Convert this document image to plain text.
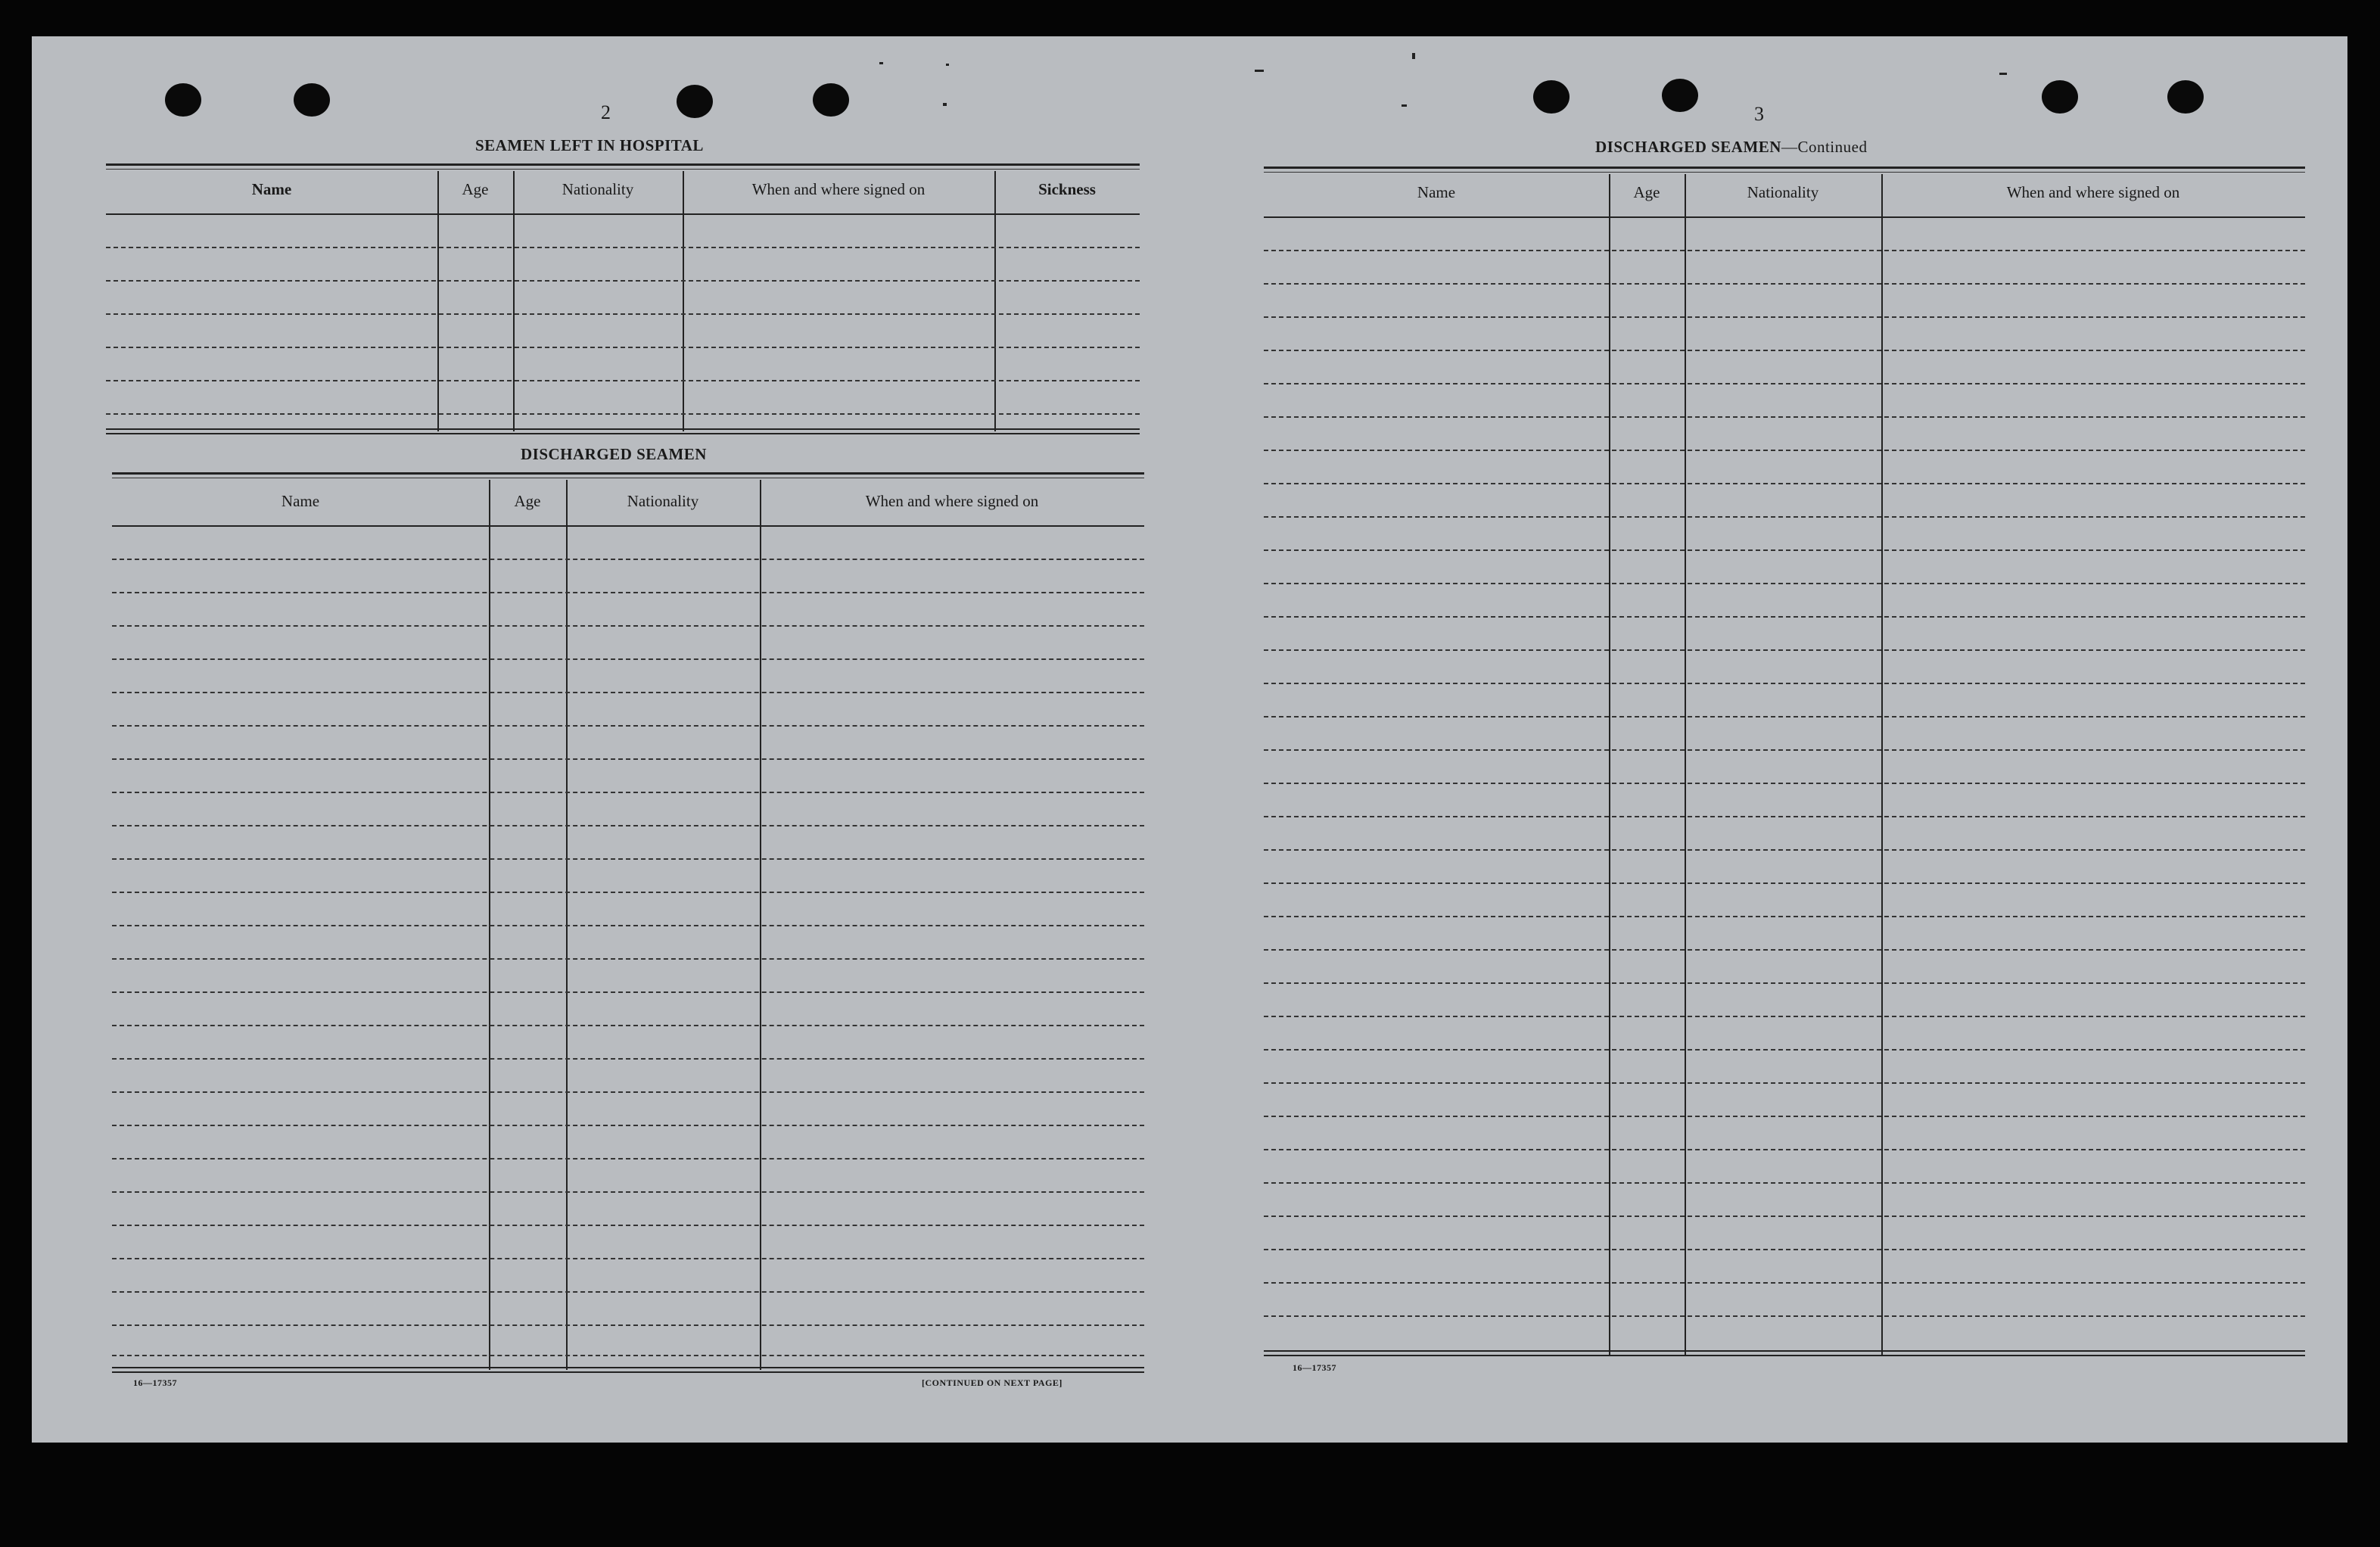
2
SEAMEN LEFT IN HOSPITAL
Name	Age	Nationality	When and where signed on	Sickness
DISCHARGED SEAMEN
Name	Age	Nationality	When and where signed on
16—17357	[CONTINUED ON NEXT PAGE]
3
DISCHARGED SEAMEN—Continued
Name	Age	Nationality	When and where signed on
16—17357
